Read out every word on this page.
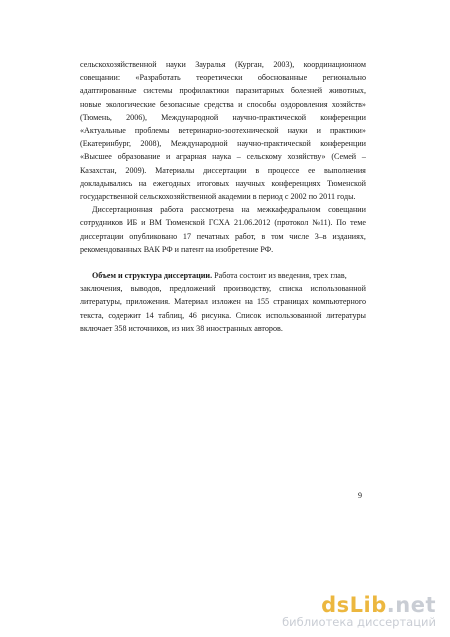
сельскохозяйственной науки Зауралья (Курган, 2003), координационном
совещании: «Разработать теоретически обоснованные регионально
адаптированные системы профилактики паразитарных болезней животных,
новые экологические безопасные средства и способы оздоровления хозяйств»
(Тюмень, 2006), Международной научно-практической конференции
«Актуальные проблемы ветеринарно-зоотехнической науки и практики»
(Екатеринбург, 2008), Международной научно-практической конференции
«Высшее образование и аграрная наука – сельскому хозяйству» (Семей –
Казахстан, 2009). Материалы диссертации в процессе ее выполнения
докладывались на ежегодных итоговых научных конференциях Тюменской
государственной сельскохозяйственной академии в период с 2002 по 2011 годы.
Диссертационная работа рассмотрена на межкафедральном совещании
сотрудников ИБ и ВМ Тюменской ГСХА 21.06.2012 (протокол №11). По теме
диссертации опубликовано 17 печатных работ, в том числе 3–в изданиях,
рекомендованных ВАК РФ и патент на изобретение РФ.
Объем и структура диссертации. Работа состоит из введения, трех глав,
заключения, выводов, предложений производству, списка использованной
литературы, приложения. Материал изложен на 155 страницах компьютерного
текста, содержит 14 таблиц, 46 рисунка. Список использованной литературы
включает 358 источников, из них 38 иностранных авторов.
9
dsLib.net
библиотека диссертаций
